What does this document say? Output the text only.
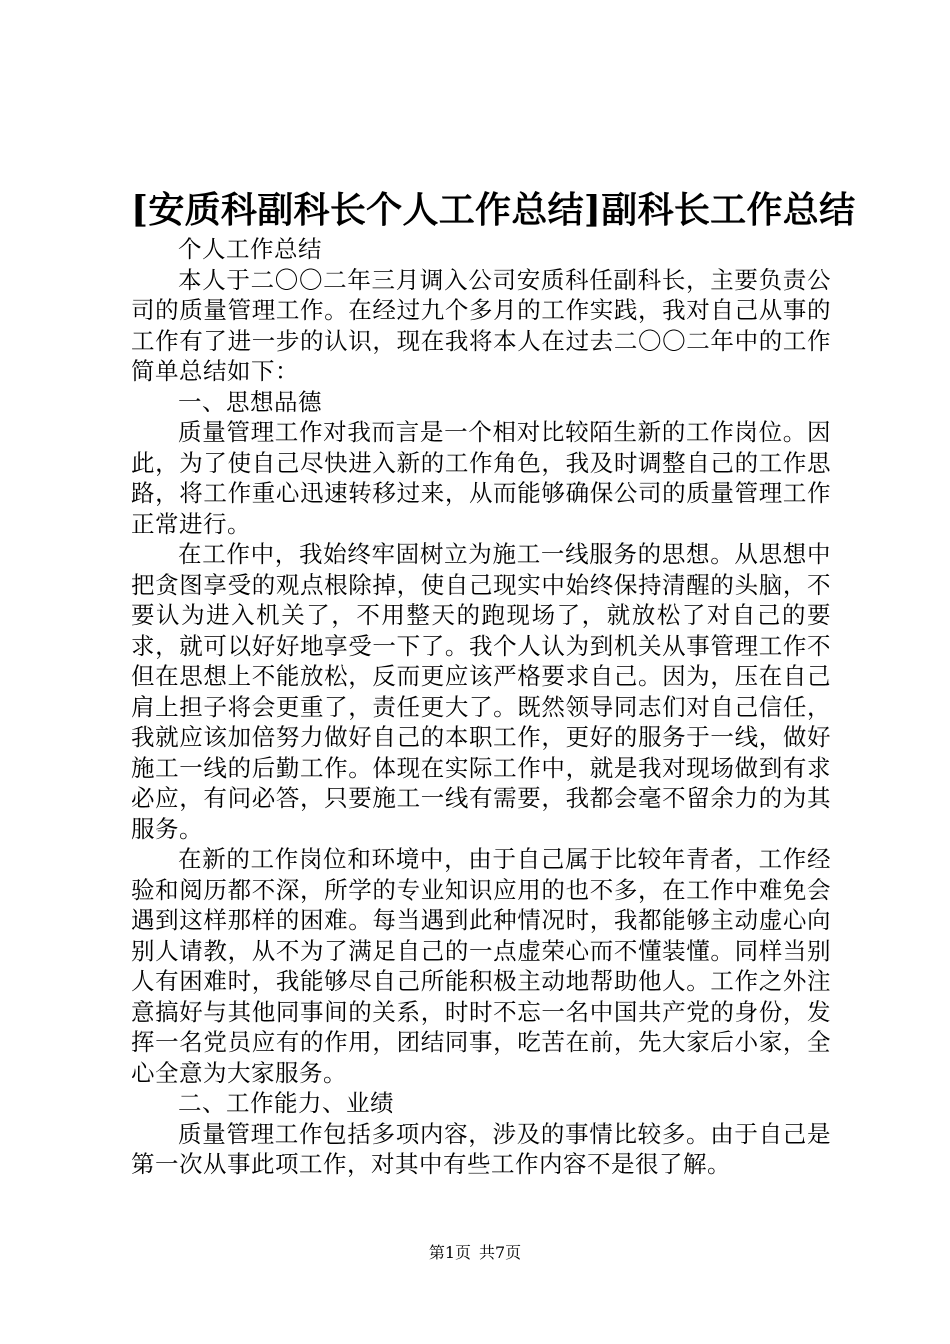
[安质科副科长个人工作总结]副科长工作总结

个人工作总结

本人于二〇〇二年三月调入公司安质科任副科长，主要负责公司的质量管理工作。在经过九个多月的工作实践，我对自己从事的工作有了进一步的认识，现在我将本人在过去二〇〇二年中的工作简单总结如下：

一、思想品德

质量管理工作对我而言是一个相对比较陌生新的工作岗位。因此，为了使自己尽快进入新的工作角色，我及时调整自己的工作思路，将工作重心迅速转移过来，从而能够确保公司的质量管理工作正常进行。

在工作中，我始终牢固树立为施工一线服务的思想。从思想中把贪图享受的观点根除掉，使自己现实中始终保持清醒的头脑，不要认为进入机关了，不用整天的跑现场了，就放松了对自己的要求，就可以好好地享受一下了。我个人认为到机关从事管理工作不但在思想上不能放松，反而更应该严格要求自己。因为，压在自己肩上担子将会更重了，责任更大了。既然领导同志们对自己信任，我就应该加倍努力做好自己的本职工作，更好的服务于一线，做好施工一线的后勤工作。体现在实际工作中，就是我对现场做到有求必应，有问必答，只要施工一线有需要，我都会毫不留余力的为其服务。

在新的工作岗位和环境中，由于自己属于比较年青者，工作经验和阅历都不深，所学的专业知识应用的也不多，在工作中难免会遇到这样那样的困难。每当遇到此种情况时，我都能够主动虚心向别人请教，从不为了满足自己的一点虚荣心而不懂装懂。同样当别人有困难时，我能够尽自己所能积极主动地帮助他人。工作之外注意搞好与其他同事间的关系，时时不忘一名中国共产党的身份，发挥一名党员应有的作用，团结同事，吃苦在前，先大家后小家，全心全意为大家服务。

二、工作能力、业绩

质量管理工作包括多项内容，涉及的事情比较多。由于自己是第一次从事此项工作，对其中有些工作内容不是很了解。

第1页 共7页
